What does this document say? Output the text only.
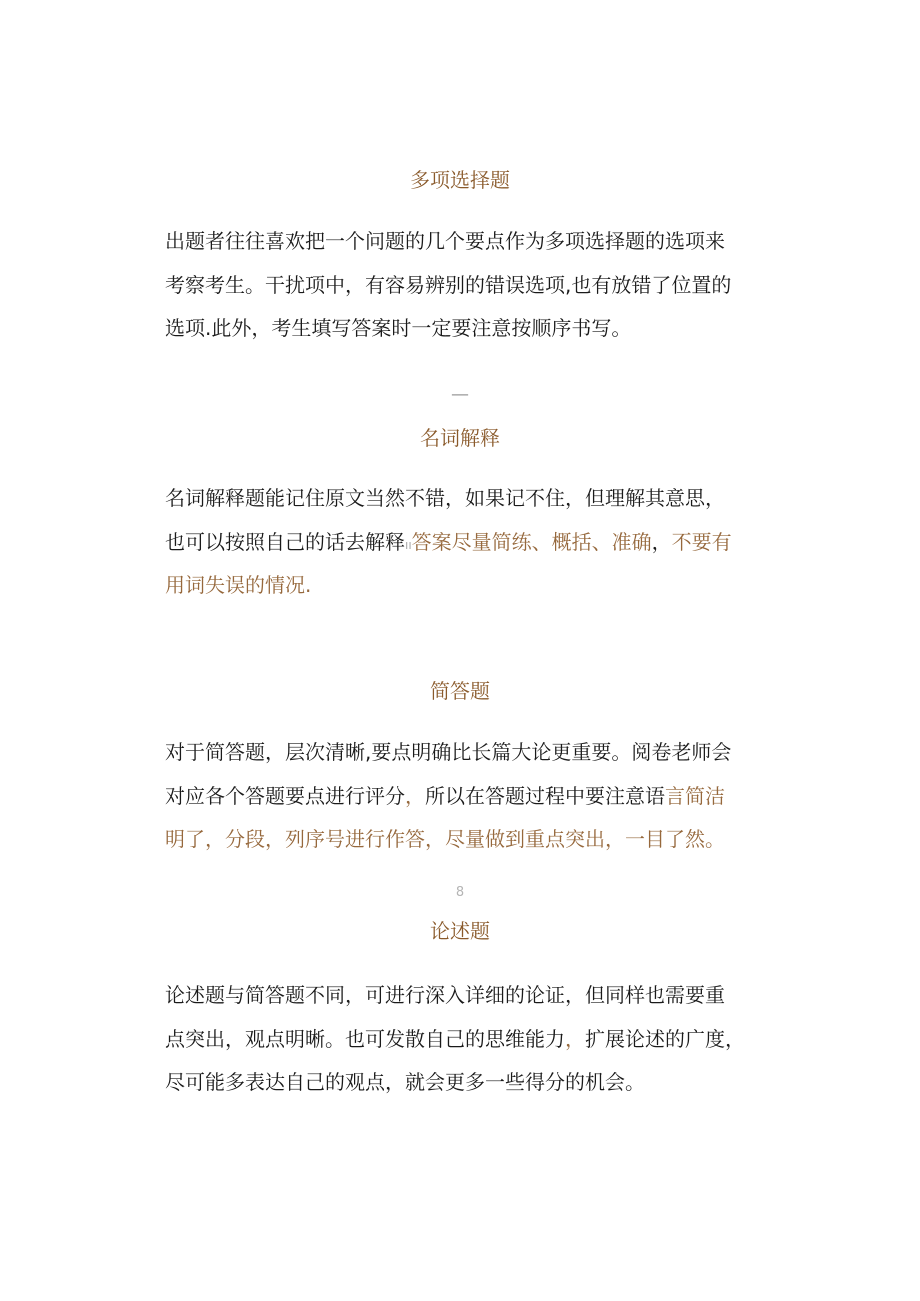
多项选择题

出题者往往喜欢把一个问题的几个要点作为多项选择题的选项来
考察考生。干扰项中，有容易辨别的错误选项,也有放错了位置的
选项.此外，考生填写答案时一定要注意按顺序书写。

—
名词解释

名词解释题能记住原文当然不错，如果记不住，但理解其意思，
也可以按照自己的话去解释ıı答案尽量简练、概括、准确，不要有
用词失误的情况.

简答题

对于简答题，层次清晰,要点明确比长篇大论更重要。阅卷老师会
对应各个答题要点进行评分，所以在答题过程中要注意语言简洁
明了，分段，列序号进行作答，尽量做到重点突出，一目了然。

8
论述题

论述题与简答题不同，可进行深入详细的论证，但同样也需要重
点突出，观点明晰。也可发散自己的思维能力，扩展论述的广度，
尽可能多表达自己的观点，就会更多一些得分的机会。
